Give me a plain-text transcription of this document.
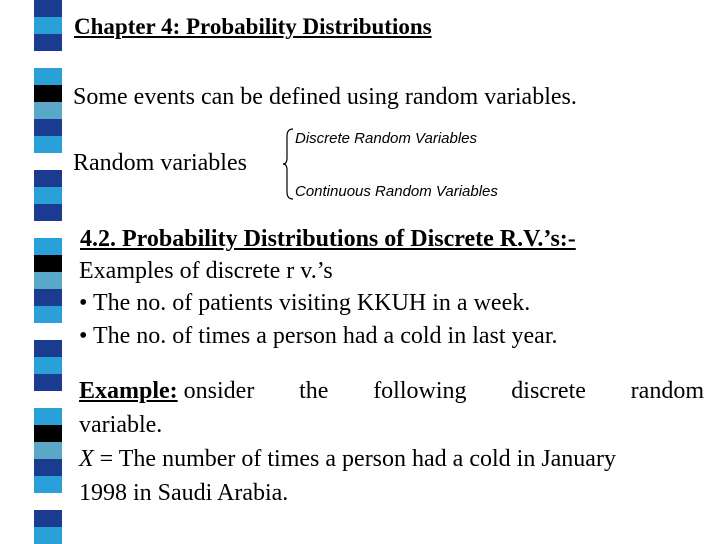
Chapter 4: Probability Distributions
Some events can be defined using random variables.
Random variables
Discrete Random Variables
Continuous Random Variables
4.2. Probability Distributions of Discrete R.V.’s:-
Examples of discrete r v.’s
• The no. of patients visiting KKUH in a week.
• The no. of times a person had a cold in last year.
Example: onsider the following discrete random
variable.
X = The number of times a person had a cold in January
1998 in Saudi Arabia.
